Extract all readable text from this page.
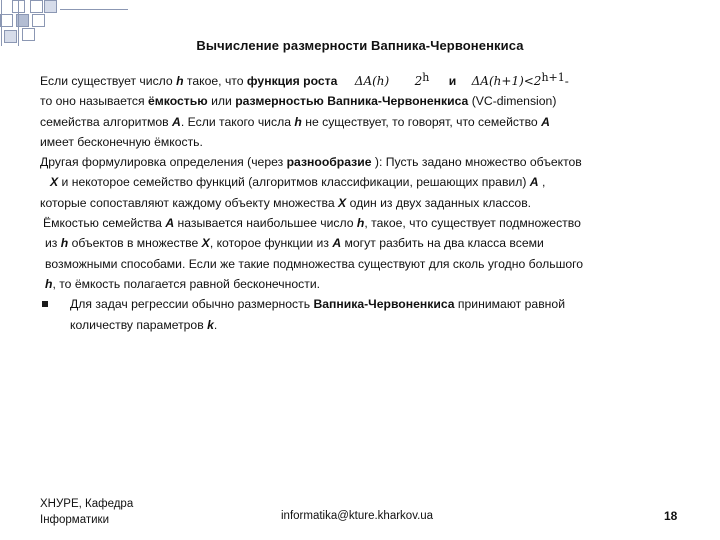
Вычисление размерности Вапника-Червоненкиса
Если существует число h такое, что функция роста ΔA(h) 2h и ΔA(h+1)<2h+1-
то оно называется ёмкостью или размерностью Вапника-Червоненкиса (VC-dimension)
семейства алгоритмов A. Если такого числа h не существует, то говорят, что семейство A
имеет бесконечную ёмкость.
Другая формулировка определения (через разнообразие ): Пусть задано множество объектов
X и некоторое семейство функций (алгоритмов классификации, решающих правил) A ,
которые сопоставляют каждому объекту множества X один из двух заданных классов.
Ёмкостью семейства A называется наибольшее число h, такое, что существует подмножество
из h объектов в множестве X, которое функции из A могут разбить на два класса всеми
возможными способами. Если же такие подмножества существуют для сколь угодно большого
h, то ёмкость полагается равной бесконечности.
Для задач регрессии обычно размерность Вапника-Червоненкиса принимают равной
количеству параметров k.
ХНУРЕ, Кафедра
Інформатики	informatika@kture.kharkov.ua	18
